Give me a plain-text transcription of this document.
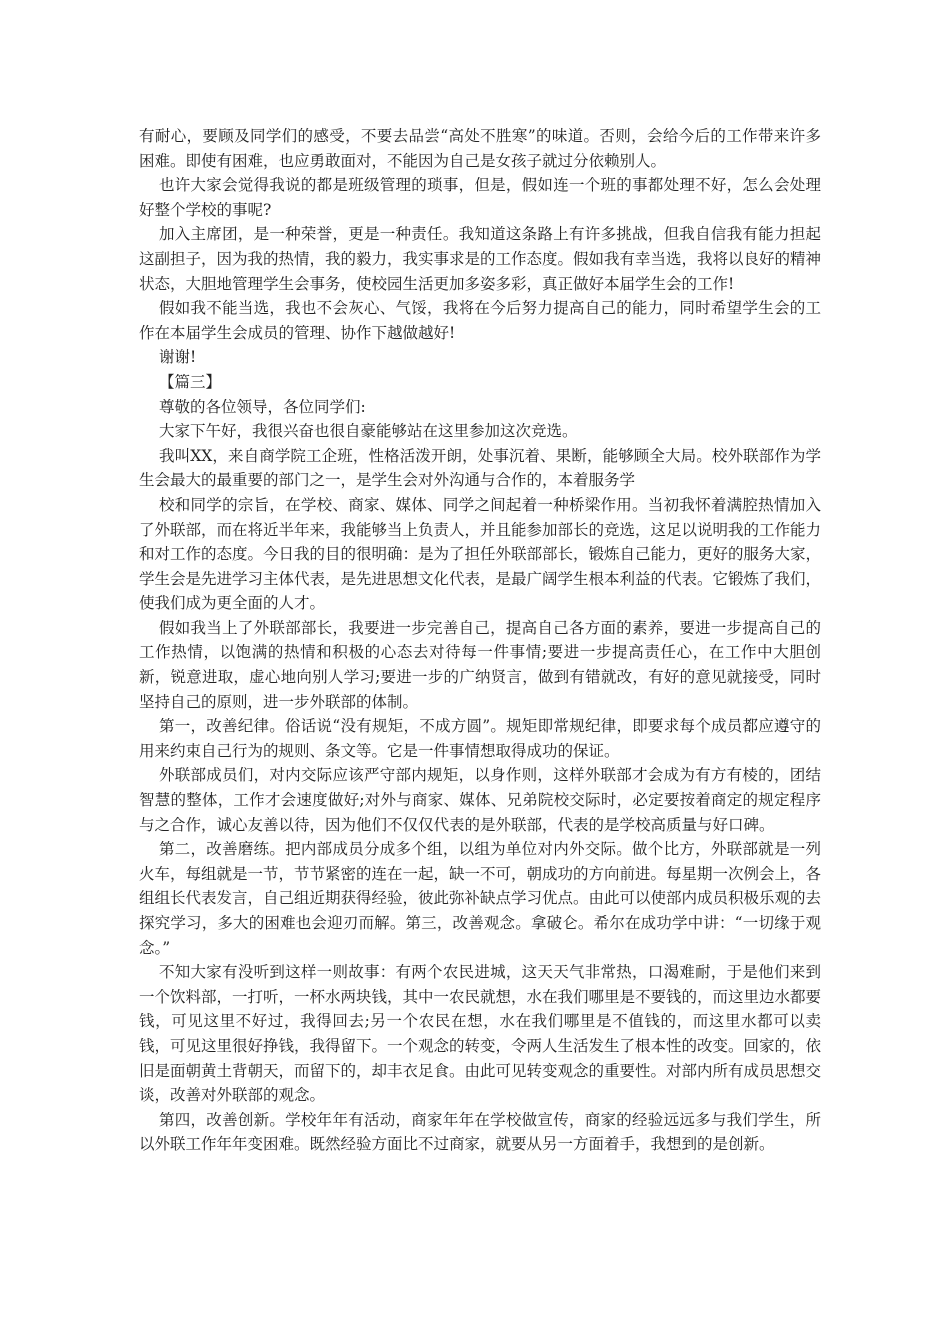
有耐心，要顾及同学们的感受，不要去品尝“高处不胜寒”的味道。否则，会给今后的工作带来许多困难。即使有困难，也应勇敢面对，不能因为自己是女孩子就过分依赖别人。

也许大家会觉得我说的都是班级管理的琐事，但是，假如连一个班的事都处理不好，怎么会处理好整个学校的事呢?

加入主席团，是一种荣誉，更是一种责任。我知道这条路上有许多挑战，但我自信我有能力担起这副担子，因为我的热情，我的毅力，我实事求是的工作态度。假如我有幸当选，我将以良好的精神状态，大胆地管理学生会事务，使校园生活更加多姿多彩，真正做好本届学生会的工作!

假如我不能当选，我也不会灰心、气馁，我将在今后努力提高自己的能力，同时希望学生会的工作在本届学生会成员的管理、协作下越做越好!

谢谢!

【篇三】

尊敬的各位领导，各位同学们:

大家下午好，我很兴奋也很自豪能够站在这里参加这次竞选。

我叫XX，来自商学院工企班，性格活泼开朗，处事沉着、果断，能够顾全大局。校外联部作为学生会最大的最重要的部门之一，是学生会对外沟通与合作的，本着服务学

校和同学的宗旨，在学校、商家、媒体、同学之间起着一种桥梁作用。当初我怀着满腔热情加入了外联部，而在将近半年来，我能够当上负责人，并且能参加部长的竞选，这足以说明我的工作能力和对工作的态度。今日我的目的很明确：是为了担任外联部部长，锻炼自己能力，更好的服务大家，学生会是先进学习主体代表，是先进思想文化代表，是最广阔学生根本利益的代表。它锻炼了我们，使我们成为更全面的人才。

假如我当上了外联部部长，我要进一步完善自己，提高自己各方面的素养，要进一步提高自己的工作热情，以饱满的热情和积极的心态去对待每一件事情;要进一步提高责任心，在工作中大胆创新，锐意进取，虚心地向别人学习;要进一步的广纳贤言，做到有错就改，有好的意见就接受，同时坚持自己的原则，进一步外联部的体制。

第一，改善纪律。俗话说“没有规矩，不成方圆”。规矩即常规纪律，即要求每个成员都应遵守的用来约束自己行为的规则、条文等。它是一件事情想取得成功的保证。

外联部成员们，对内交际应该严守部内规矩，以身作则，这样外联部才会成为有方有棱的，团结智慧的整体，工作才会速度做好;对外与商家、媒体、兄弟院校交际时，必定要按着商定的规定程序与之合作，诚心友善以待，因为他们不仅仅代表的是外联部，代表的是学校高质量与好口碑。

第二，改善磨练。把内部成员分成多个组，以组为单位对内外交际。做个比方，外联部就是一列火车，每组就是一节，节节紧密的连在一起，缺一不可，朝成功的方向前进。每星期一次例会上，各组组长代表发言，自己组近期获得经验，彼此弥补缺点学习优点。由此可以使部内成员积极乐观的去探究学习，多大的困难也会迎刃而解。第三，改善观念。拿破仑。希尔在成功学中讲：“一切缘于观念。”

不知大家有没听到这样一则故事：有两个农民进城，这天天气非常热，口渴难耐，于是他们来到一个饮料部，一打听，一杯水两块钱，其中一农民就想，水在我们哪里是不要钱的，而这里边水都要钱，可见这里不好过，我得回去;另一个农民在想，水在我们哪里是不值钱的，而这里水都可以卖钱，可见这里很好挣钱，我得留下。一个观念的转变，令两人生活发生了根本性的改变。回家的，依旧是面朝黄土背朝天，而留下的，却丰衣足食。由此可见转变观念的重要性。对部内所有成员思想交谈，改善对外联部的观念。

第四，改善创新。学校年年有活动，商家年年在学校做宣传，商家的经验远远多与我们学生，所以外联工作年年变困难。既然经验方面比不过商家，就要从另一方面着手，我想到的是创新。
